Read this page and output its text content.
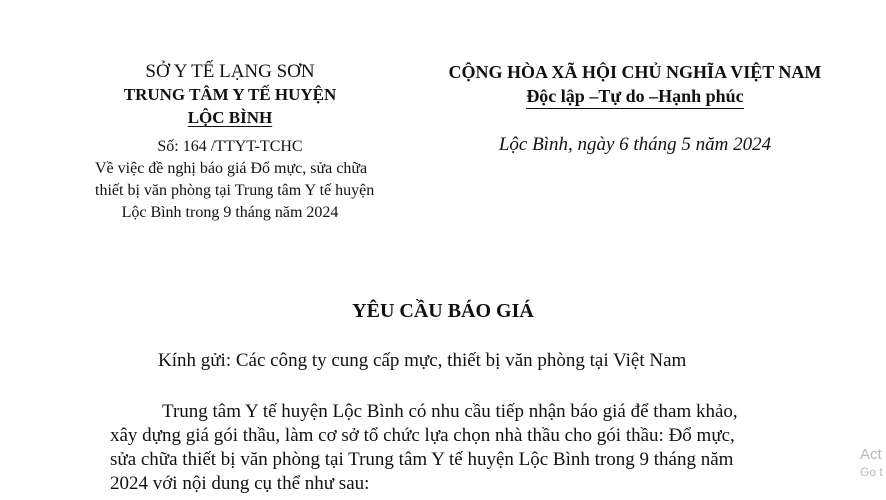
SỞ Y TẾ LẠNG SƠN
TRUNG TÂM Y TẾ HUYỆN
LỘC BÌNH
Số: 164 /TTYT-TCHC
Về việc đề nghị báo giá Đổ mực, sửa chữa
thiết bị văn phòng tại Trung tâm Y tế huyện
Lộc Bình trong 9 tháng năm 2024
CỘNG HÒA XÃ HỘI CHỦ NGHĨA VIỆT NAM
Độc lập –Tự do –Hạnh phúc
Lộc Bình, ngày 6 tháng 5 năm 2024
YÊU CẦU BÁO GIÁ
Kính gửi: Các công ty cung cấp mực, thiết bị văn phòng tại Việt Nam
Trung tâm Y tế huyện Lộc Bình có nhu cầu tiếp nhận báo giá để tham khảo,
xây dựng giá gói thầu, làm cơ sở tổ chức lựa chọn nhà thầu cho gói thầu: Đổ mực,
sửa chữa thiết bị văn phòng tại Trung tâm Y tế huyện Lộc Bình trong 9 tháng năm
2024 với nội dung cụ thể như sau:
Act
Go t
